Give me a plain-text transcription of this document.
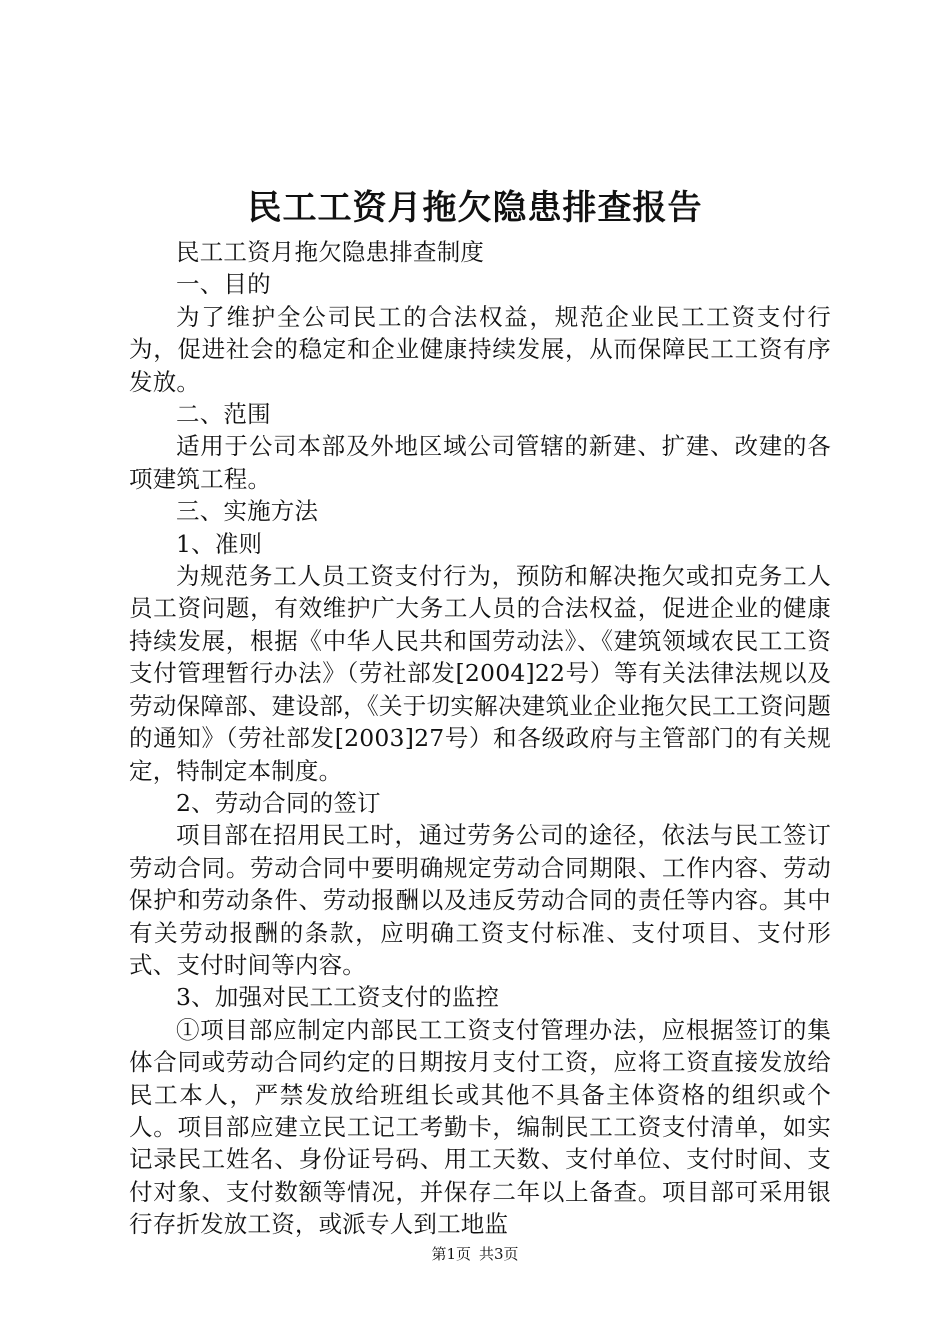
民工工资月拖欠隐患排查报告

民工工资月拖欠隐患排查制度

一、目的

为了维护全公司民工的合法权益，规范企业民工工资支付行为，促进社会的稳定和企业健康持续发展，从而保障民工工资有序发放。

二、范围

适用于公司本部及外地区域公司管辖的新建、扩建、改建的各项建筑工程。

三、实施方法

1、准则

为规范务工人员工资支付行为，预防和解决拖欠或扣克务工人员工资问题，有效维护广大务工人员的合法权益，促进企业的健康持续发展，根据《中华人民共和国劳动法》、《建筑领域农民工工资支付管理暂行办法》（劳社部发[2004]22号）等有关法律法规以及劳动保障部、建设部，《关于切实解决建筑业企业拖欠民工工资问题的通知》（劳社部发[2003]27号）和各级政府与主管部门的有关规定，特制定本制度。

2、劳动合同的签订

项目部在招用民工时，通过劳务公司的途径，依法与民工签订劳动合同。劳动合同中要明确规定劳动合同期限、工作内容、劳动保护和劳动条件、劳动报酬以及违反劳动合同的责任等内容。其中有关劳动报酬的条款，应明确工资支付标准、支付项目、支付形式、支付时间等内容。

3、加强对民工工资支付的监控

①项目部应制定内部民工工资支付管理办法，应根据签订的集体合同或劳动合同约定的日期按月支付工资，应将工资直接发放给民工本人，严禁发放给班组长或其他不具备主体资格的组织或个人。项目部应建立民工记工考勤卡，编制民工工资支付清单，如实记录民工姓名、身份证号码、用工天数、支付单位、支付时间、支付对象、支付数额等情况，并保存二年以上备查。项目部可采用银行存折发放工资，或派专人到工地监

第1页 共3页
